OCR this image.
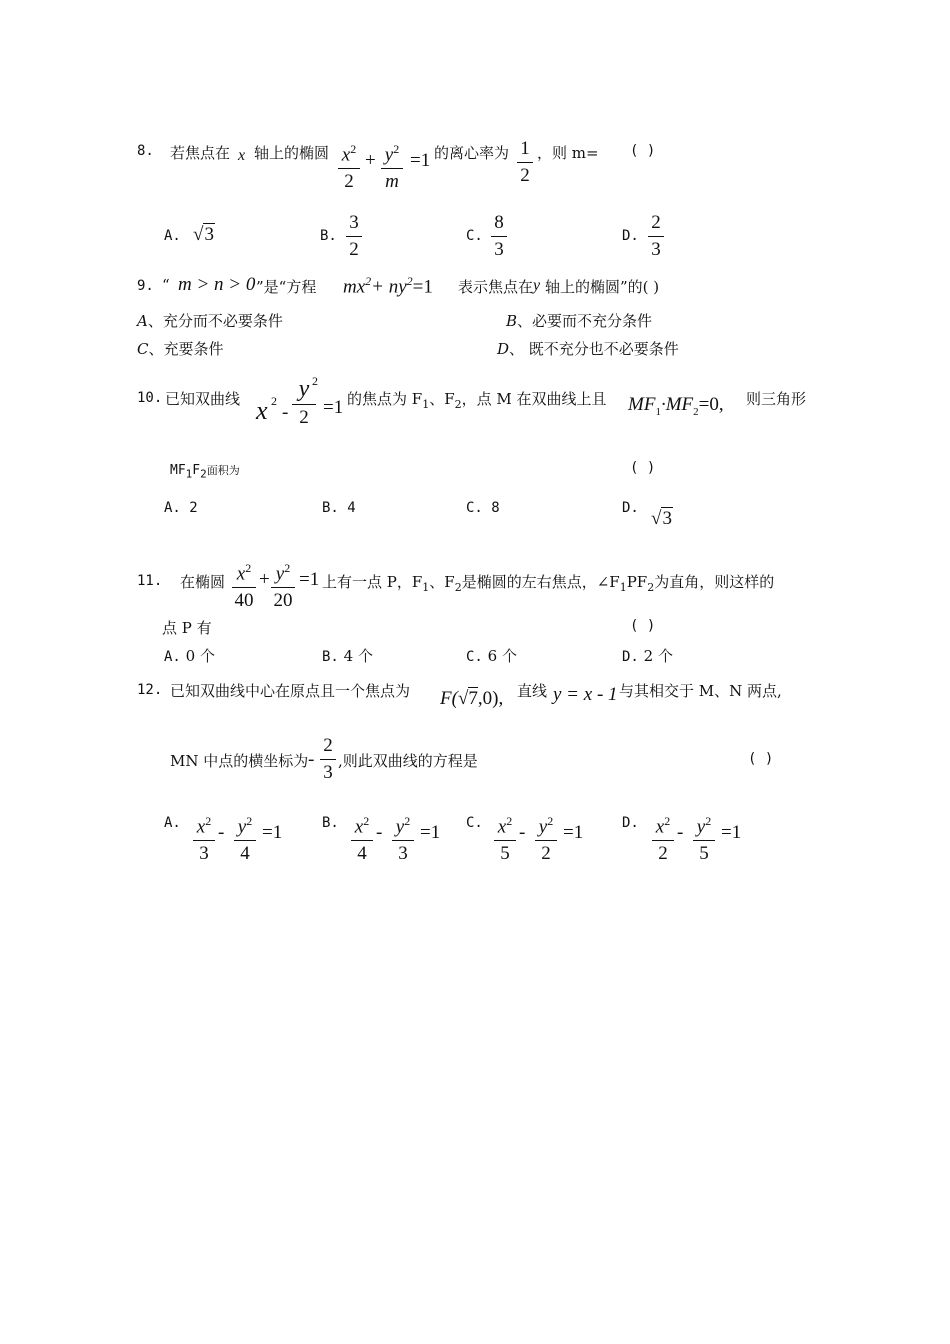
8. 若焦点在 x 轴上的椭圆 $x^2$
2
+ $y^2$
m
=1 的离心率为 1
2
，则 m= ( )
A. √3	B.
3
2
C.
8
3
D.
2
3
9. “ m > n > 0 ”是“方程 $mx^2+ ny^2=1$ 表示焦点在 y 轴上的椭圆”的( )
A、充分而不必要条件	B、必要而不充分条件
C、充要条件	D、 既不充分也不必要条件
10. 已知双曲线 x 2
-
y
2
2
=1 的焦点为 $F_1$、$F_2$，点 M 在双曲线上且 $MF_1\cdot MF_2=0$, 则三角形
$MF_1F_2$面积为	( )
A. 2	B. 4	C. 8	D. √3
11. 在椭圆 $x^2$
40
+ $y^2$
20
=1 上有一点 P，$F_1$、$F_2$是椭圆的左右焦点，$\angle F_1PF_2$为直角，则这样的
点 P 有	( )
A. 0 个	B. 4 个	C. 6 个	D. 2 个
12. 已知双曲线中心在原点且一个焦点为 F(√7,0), 直线 y = x - 1 与其相交于 M、N 两点,
MN 中点的横坐标为 -
2
3
,则此双曲线的方程是	( )
A. $x^2$
3
- $y^2$
4
=1	B. $x^2$
4
- $y^2$
3
=1 C. $x^2$
5
- $y^2$
2
=1	D. $x^2$
2
- $y^2$
5
=1
